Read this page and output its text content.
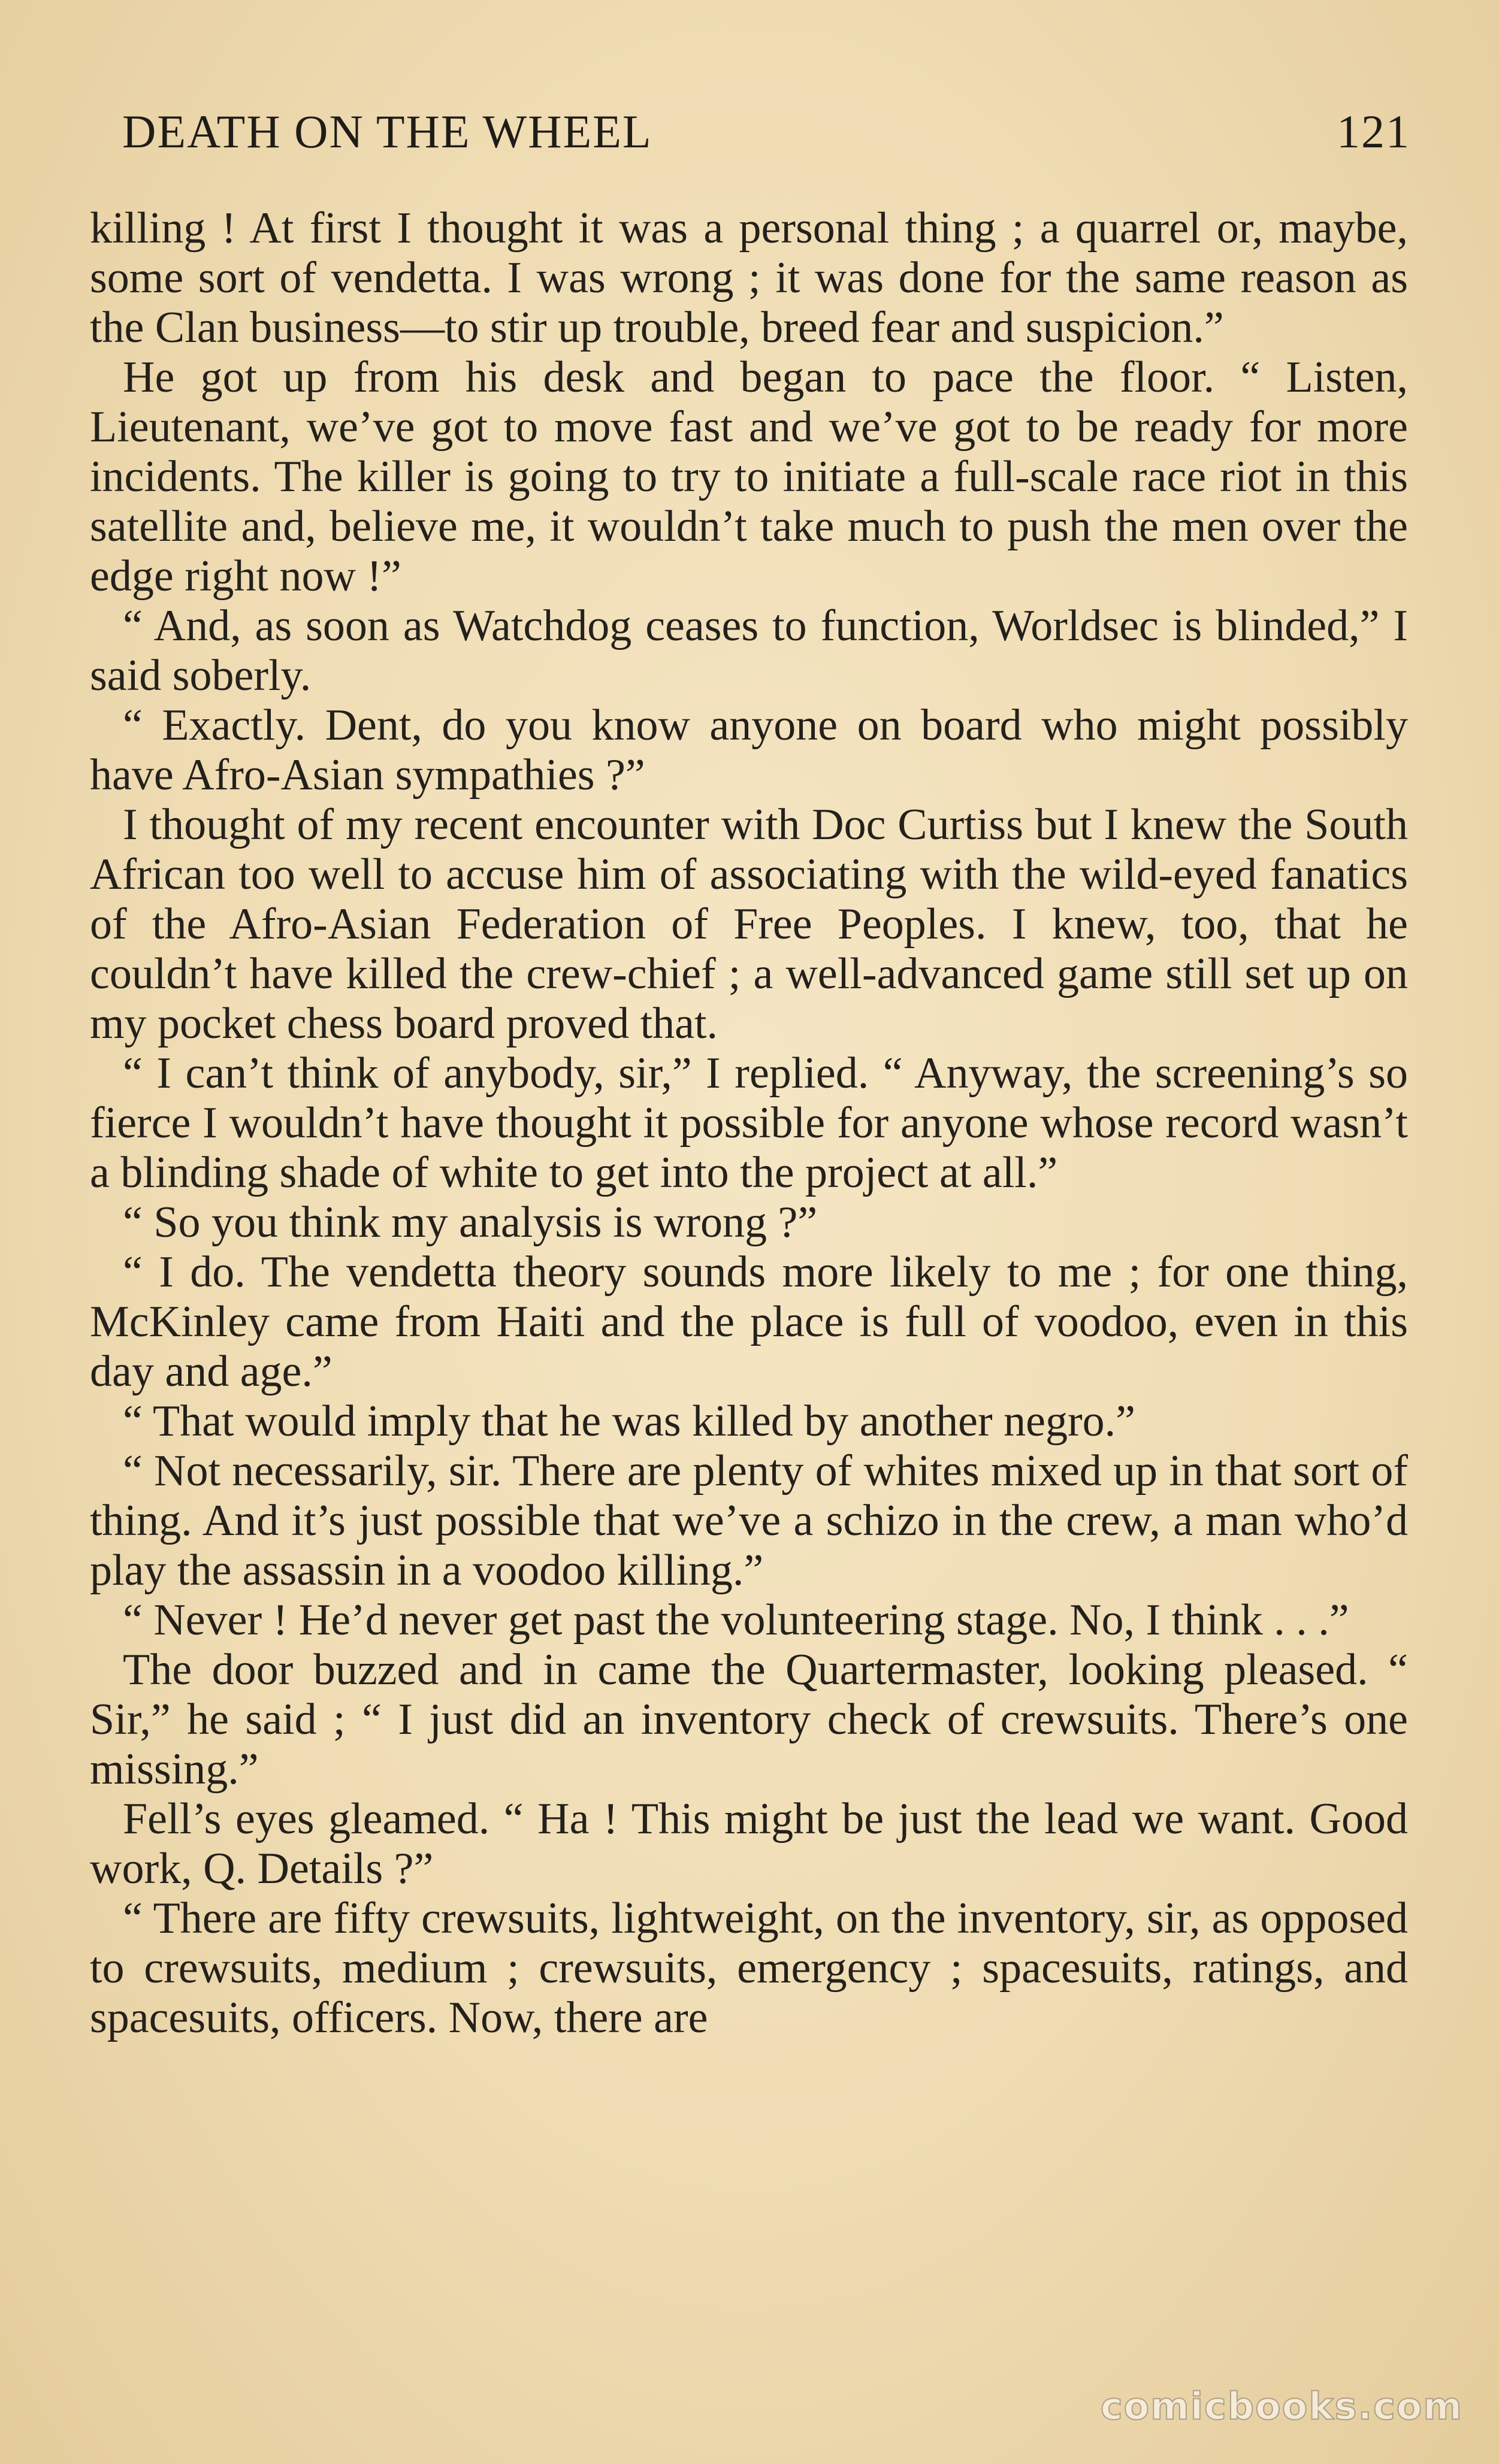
DEATH ON THE WHEEL	121

killing ! At first I thought it was a personal thing ; a quarrel or, maybe, some sort of vendetta. I was wrong ; it was done for the same reason as the Clan business—to stir up trouble, breed fear and suspicion.”

He got up from his desk and began to pace the floor. “ Listen, Lieutenant, we’ve got to move fast and we’ve got to be ready for more incidents. The killer is going to try to initiate a full-scale race riot in this satellite and, believe me, it wouldn’t take much to push the men over the edge right now !”

“ And, as soon as Watchdog ceases to function, Worldsec is blinded,” I said soberly.

“ Exactly. Dent, do you know anyone on board who might possibly have Afro-Asian sympathies ?”

I thought of my recent encounter with Doc Curtiss but I knew the South African too well to accuse him of associating with the wild-eyed fanatics of the Afro-Asian Federation of Free Peoples. I knew, too, that he couldn’t have killed the crew-chief ; a well-advanced game still set up on my pocket chess board proved that.

“ I can’t think of anybody, sir,” I replied. “ Anyway, the screening’s so fierce I wouldn’t have thought it possible for anyone whose record wasn’t a blinding shade of white to get into the project at all.”

“ So you think my analysis is wrong ?”

“ I do. The vendetta theory sounds more likely to me ; for one thing, McKinley came from Haiti and the place is full of voodoo, even in this day and age.”

“ That would imply that he was killed by another negro.”

“ Not necessarily, sir. There are plenty of whites mixed up in that sort of thing. And it’s just possible that we’ve a schizo in the crew, a man who’d play the assassin in a voodoo killing.”

“ Never ! He’d never get past the volunteering stage. No, I think . . .”

The door buzzed and in came the Quartermaster, looking pleased. “ Sir,” he said ; “ I just did an inventory check of crewsuits. There’s one missing.”

Fell’s eyes gleamed. “ Ha ! This might be just the lead we want. Good work, Q. Details ?”

“ There are fifty crewsuits, lightweight, on the inventory, sir, as opposed to crewsuits, medium ; crewsuits, emergency ; spacesuits, ratings, and spacesuits, officers. Now, there are

comicbooks.com
